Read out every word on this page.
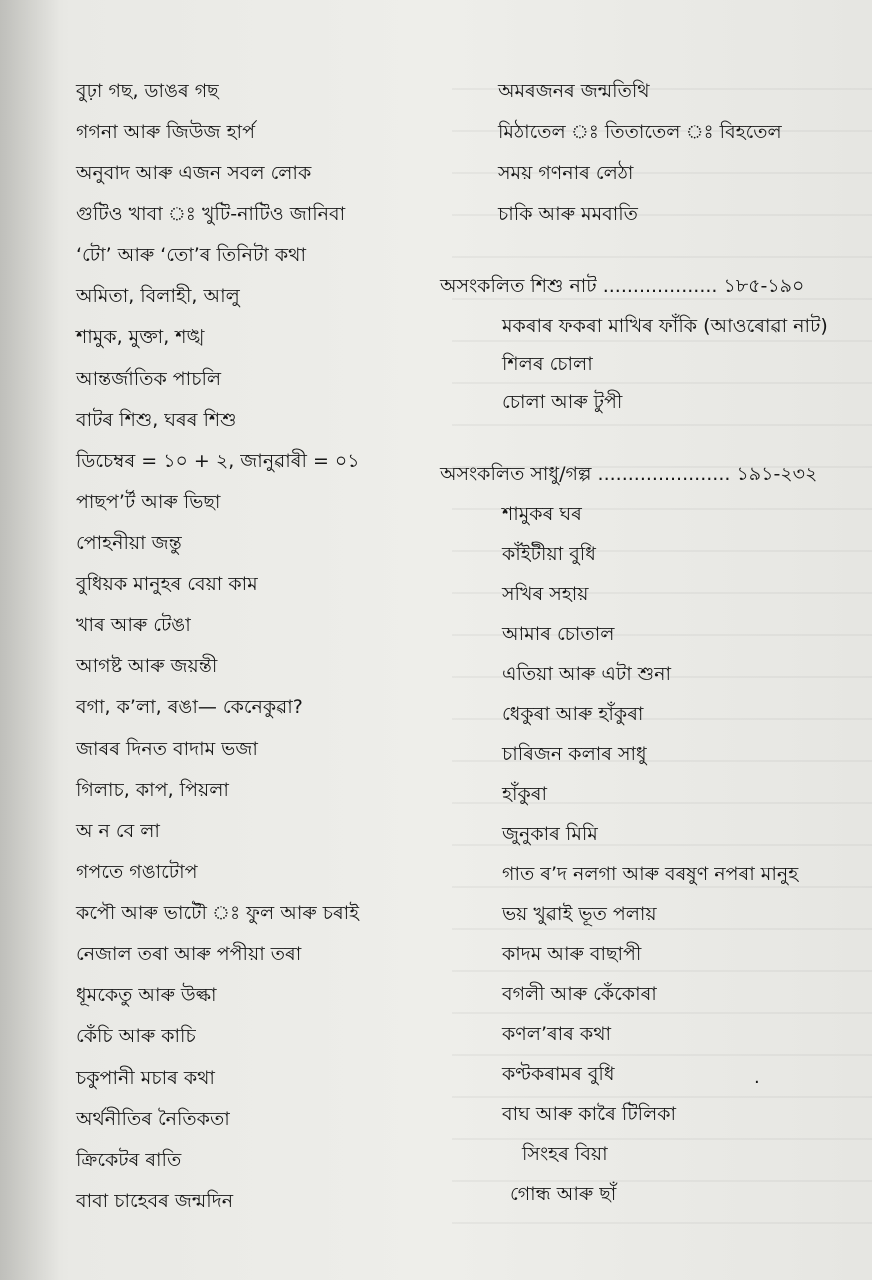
বুঢ়া গছ, ডাঙৰ গছ
গগনা আৰু জিউজ হাৰ্প
অনুবাদ আৰু এজন সবল লোক
গুটিও খাবা ঃ খুটি-নাটিও জানিবা
‘টো’ আৰু ‘তো’ৰ তিনিটা কথা
অমিতা, বিলাহী, আলু
শামুক, মুক্তা, শঙ্খ
আন্তৰ্জাতিক পাচলি
বাটৰ শিশু, ঘৰৰ শিশু
ডিচেম্বৰ = ১০ + ২, জানুৱাৰী = ০১
পাছপ’ৰ্ট আৰু ভিছা
পোহনীয়া জন্তু
বুধিয়ক মানুহৰ বেয়া কাম
খাৰ আৰু টেঙা
আগষ্ট আৰু জয়ন্তী
বগা, ক’লা, ৰঙা— কেনেকুৱা?
জাৰৰ দিনত বাদাম ভজা
গিলাচ, কাপ, পিয়লা
অ ন বে লা
গপতে গঙাটোপ
কপৌ আৰু ভাটৌ ঃ ফুল আৰু চৰাই
নেজাল তৰা আৰু পপীয়া তৰা
ধূমকেতু আৰু উল্কা
কেঁচি আৰু কাচি
চকুপানী মচাৰ কথা
অৰ্থনীতিৰ নৈতিকতা
ক্ৰিকেটৰ ৰাতি
বাবা চাহেবৰ জন্মদিন
অমৰজনৰ জন্মতিথি
মিঠাতেল ঃ তিতাতেল ঃ বিহতেল
সময় গণনাৰ লেঠা
চাকি আৰু মমবাতি
অসংকলিত শিশু নাট ................... ১৮৫-১৯০
মকৰাৰ ফকৰা মাখিৰ ফাঁকি (আওৰোৱা নাট)
শিলৰ চোলা
চোলা আৰু টুপী
অসংকলিত সাধু/গল্প ...................... ১৯১-২৩২
শামুকৰ ঘৰ
কাঁইটীয়া বুধি
সখিৰ সহায়
আমাৰ চোতাল
এতিয়া আৰু এটা শুনা
ধেকুৰা আৰু হাঁকুৰা
চাৰিজন কলাৰ সাধু
হাঁকুৰা
জুনুকাৰ মিমি
গাত ৰ’দ নলগা আৰু বৰষুণ নপৰা মানুহ
ভয় খুৱাই ভূত পলায়
কাদম আৰু বাছাপী
বগলী আৰু কেঁকোৰা
কণল’ৰাৰ কথা
কণ্টকৰামৰ বুধি
বাঘ আৰু কাৰৈ টিলিকা
সিংহৰ বিয়া
গোন্ধ আৰু ছাঁ
.
